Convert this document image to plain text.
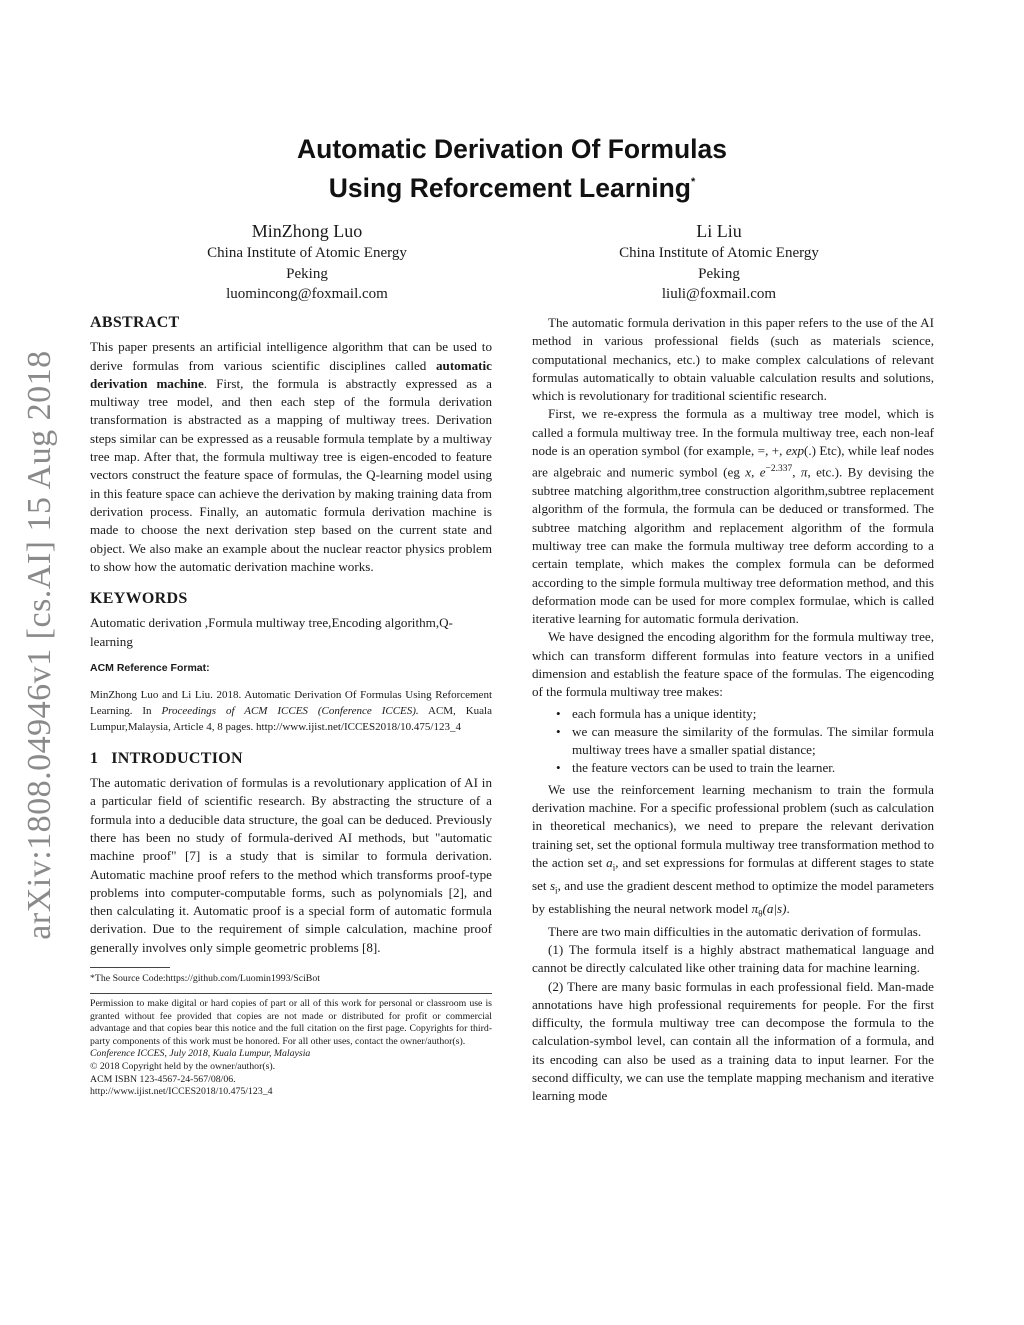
arXiv:1808.04946v1 [cs.AI] 15 Aug 2018
Automatic Derivation Of Formulas
Using Reforcement Learning*
MinZhong Luo
China Institute of Atomic Energy
Peking
luomincong@foxmail.com
Li Liu
China Institute of Atomic Energy
Peking
liuli@foxmail.com
ABSTRACT

This paper presents an artificial intelligence algorithm that can be used to derive formulas from various scientific disciplines called automatic derivation machine. First, the formula is abstractly expressed as a multiway tree model, and then each step of the formula derivation transformation is abstracted as a mapping of multiway trees. Derivation steps similar can be expressed as a reusable formula template by a multiway tree map. After that, the formula multiway tree is eigen-encoded to feature vectors construct the feature space of formulas, the Q-learning model using in this feature space can achieve the derivation by making training data from derivation process. Finally, an automatic formula derivation machine is made to choose the next derivation step based on the current state and object. We also make an example about the nuclear reactor physics problem to show how the automatic derivation machine works.

KEYWORDS

Automatic derivation ,Formula multiway tree,Encoding algorithm,Q-learning

ACM Reference Format:

MinZhong Luo and Li Liu. 2018. Automatic Derivation Of Formulas Using Reforcement Learning. In Proceedings of ACM ICCES (Conference ICCES). ACM, Kuala Lumpur,Malaysia, Article 4, 8 pages. http://www.ijist.net/ICCES2018/10.475/123_4

1   INTRODUCTION

The automatic derivation of formulas is a revolutionary application of AI in a particular field of scientific research. By abstracting the structure of a formula into a deducible data structure, the goal can be deduced. Previously there has been no study of formula-derived AI methods, but "automatic machine proof" [7] is a study that is similar to formula derivation. Automatic machine proof refers to the method which transforms proof-type problems into computer-computable forms, such as polynomials [2], and then calculating it. Automatic proof is a special form of automatic formula derivation. Due to the requirement of simple calculation, machine proof generally involves only simple geometric problems [8].

*The Source Code:https://github.com/Luomin1993/SciBot

Permission to make digital or hard copies of part or all of this work for personal or classroom use is granted without fee provided that copies are not made or distributed for profit or commercial advantage and that copies bear this notice and the full citation on the first page. Copyrights for third-party components of this work must be honored. For all other uses, contact the owner/author(s).

Conference ICCES, July 2018, Kuala Lumpur, Malaysia

© 2018 Copyright held by the owner/author(s).

ACM ISBN 123-4567-24-567/08/06.

http://www.ijist.net/ICCES2018/10.475/123_4

The automatic formula derivation in this paper refers to the use of the AI method in various professional fields (such as materials science, computational mechanics, etc.) to make complex calculations of relevant formulas automatically to obtain valuable calculation results and solutions, which is revolutionary for traditional scientific research.

First, we re-express the formula as a multiway tree model, which is called a formula multiway tree. In the formula multiway tree, each non-leaf node is an operation symbol (for example, =, +, exp(.) Etc), while leaf nodes are algebraic and numeric symbol (eg x, $e^{-2.337}$, π, etc.). By devising the subtree matching algorithm,tree construction algorithm,subtree replacement algorithm of the formula, the formula can be deduced or transformed. The subtree matching algorithm and replacement algorithm of the formula multiway tree can make the formula multiway tree deform according to a certain template, which makes the complex formula can be deformed according to the simple formula multiway tree deformation method, and this deformation mode can be used for more complex formulae, which is called iterative learning for automatic formula derivation.

We have designed the encoding algorithm for the formula multiway tree, which can transform different formulas into feature vectors in a unified dimension and establish the feature space of the formulas. The eigencoding of the formula multiway tree makes:

• each formula has a unique identity;
• we can measure the similarity of the formulas. The similar formula multiway trees have a smaller spatial distance;
• the feature vectors can be used to train the learner.

We use the reinforcement learning mechanism to train the formula derivation machine. For a specific professional problem (such as calculation in theoretical mechanics), we need to prepare the relevant derivation training set, set the optional formula multiway tree transformation method to the action set $a_i$, and set expressions for formulas at different stages to state set $s_i$, and use the gradient descent method to optimize the model parameters by establishing the neural network model $\pi_\theta(a|s)$.

There are two main difficulties in the automatic derivation of formulas.

(1) The formula itself is a highly abstract mathematical language and cannot be directly calculated like other training data for machine learning.

(2) There are many basic formulas in each professional field. Man-made annotations have high professional requirements for people. For the first difficulty, the formula multiway tree can decompose the formula to the calculation-symbol level, can contain all the information of a formula, and its encoding can also be used as a training data to input learner. For the second difficulty, we can use the template mapping mechanism and iterative learning mode
